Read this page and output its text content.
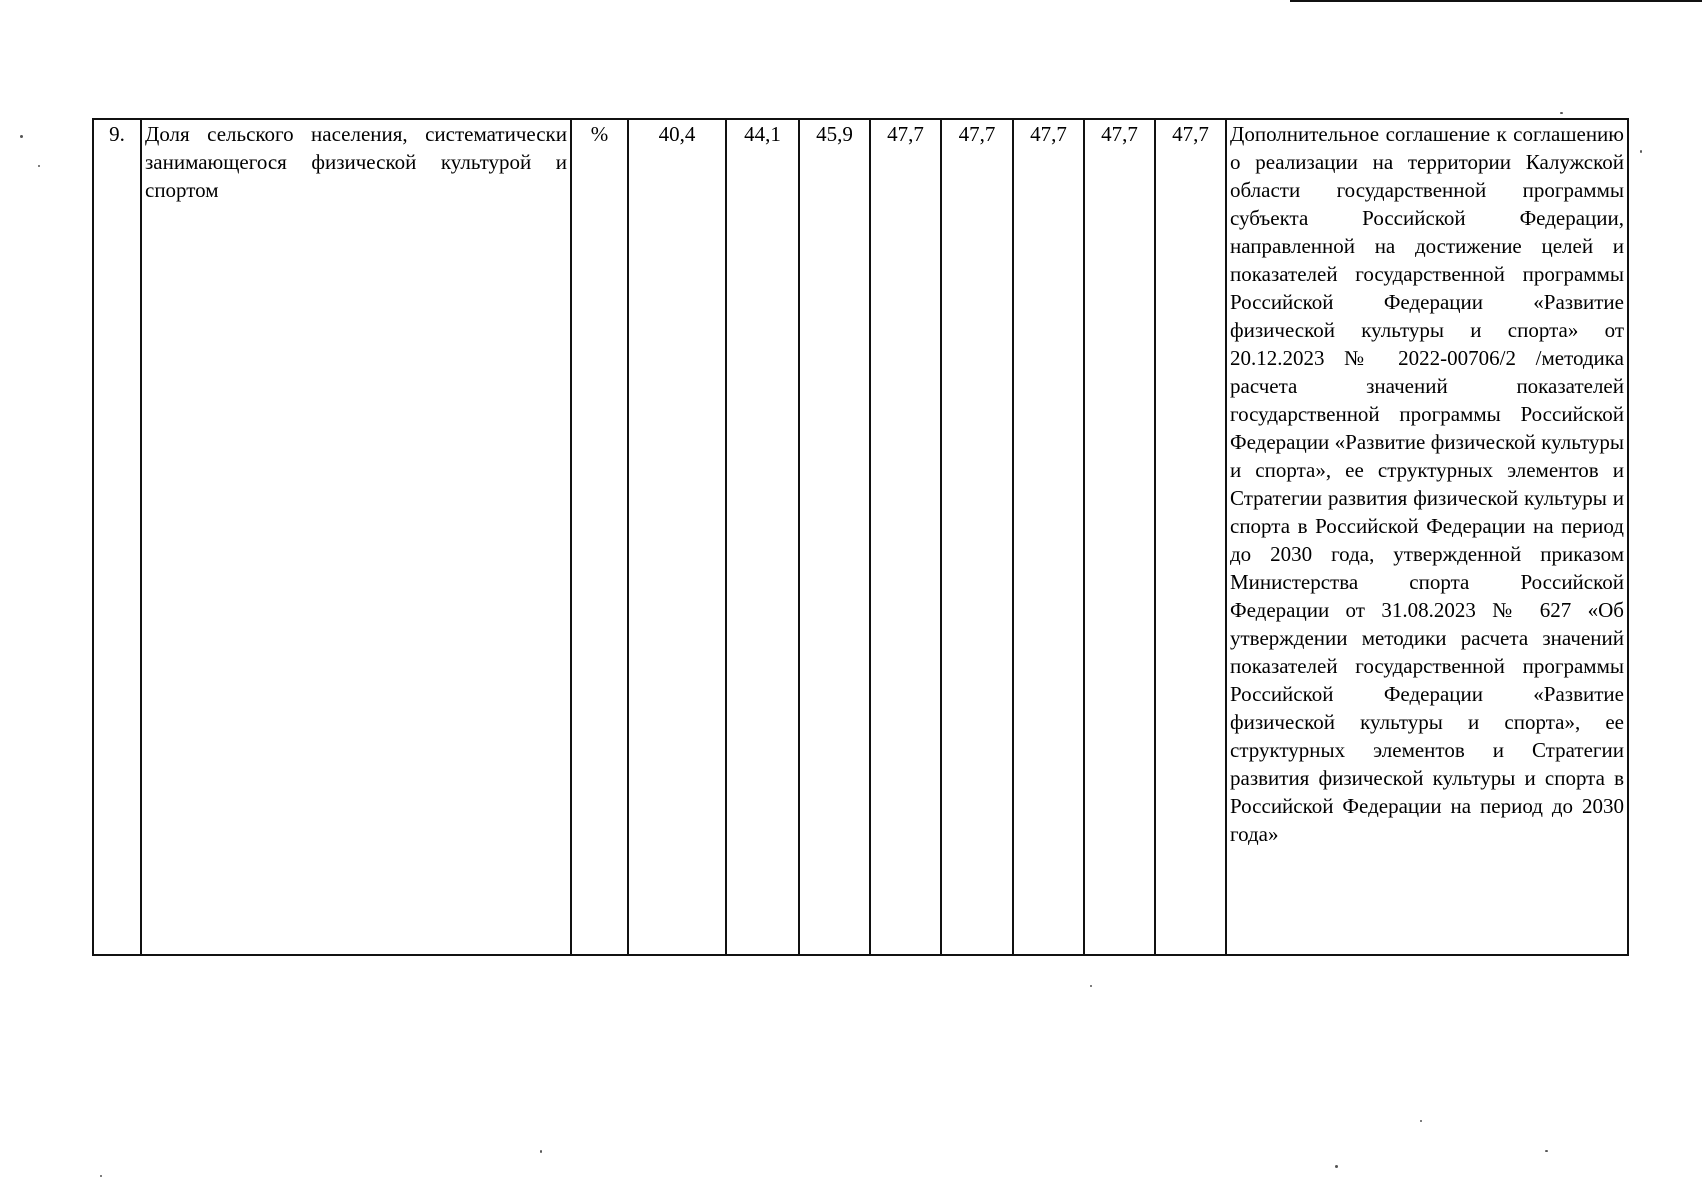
9.	Доля сельского населения, систематически занимающегося физической культурой и спортом	%	40,4	44,1	45,9	47,7	47,7	47,7	47,7	47,7	Дополнительное соглашение к соглашению о реализации на территории Калужской области государственной программы субъекта Российской Федерации, направленной на достижение целей и показателей государственной программы Российской Федерации «Развитие физической культуры и спорта» от 20.12.2023 № 2022-00706/2 /методика расчета значений показателей государственной программы Российской Федерации «Развитие физической культуры и спорта», ее структурных элементов и Стратегии развития физической культуры и спорта в Российской Федерации на период до 2030 года, утвержденной приказом Министерства спорта Российской Федерации от 31.08.2023 № 627 «Об утверждении методики расчета значений показателей государственной программы Российской Федерации «Развитие физической культуры и спорта», ее структурных элементов и Стратегии развития физической культуры и спорта в Российской Федерации на период до 2030 года»
